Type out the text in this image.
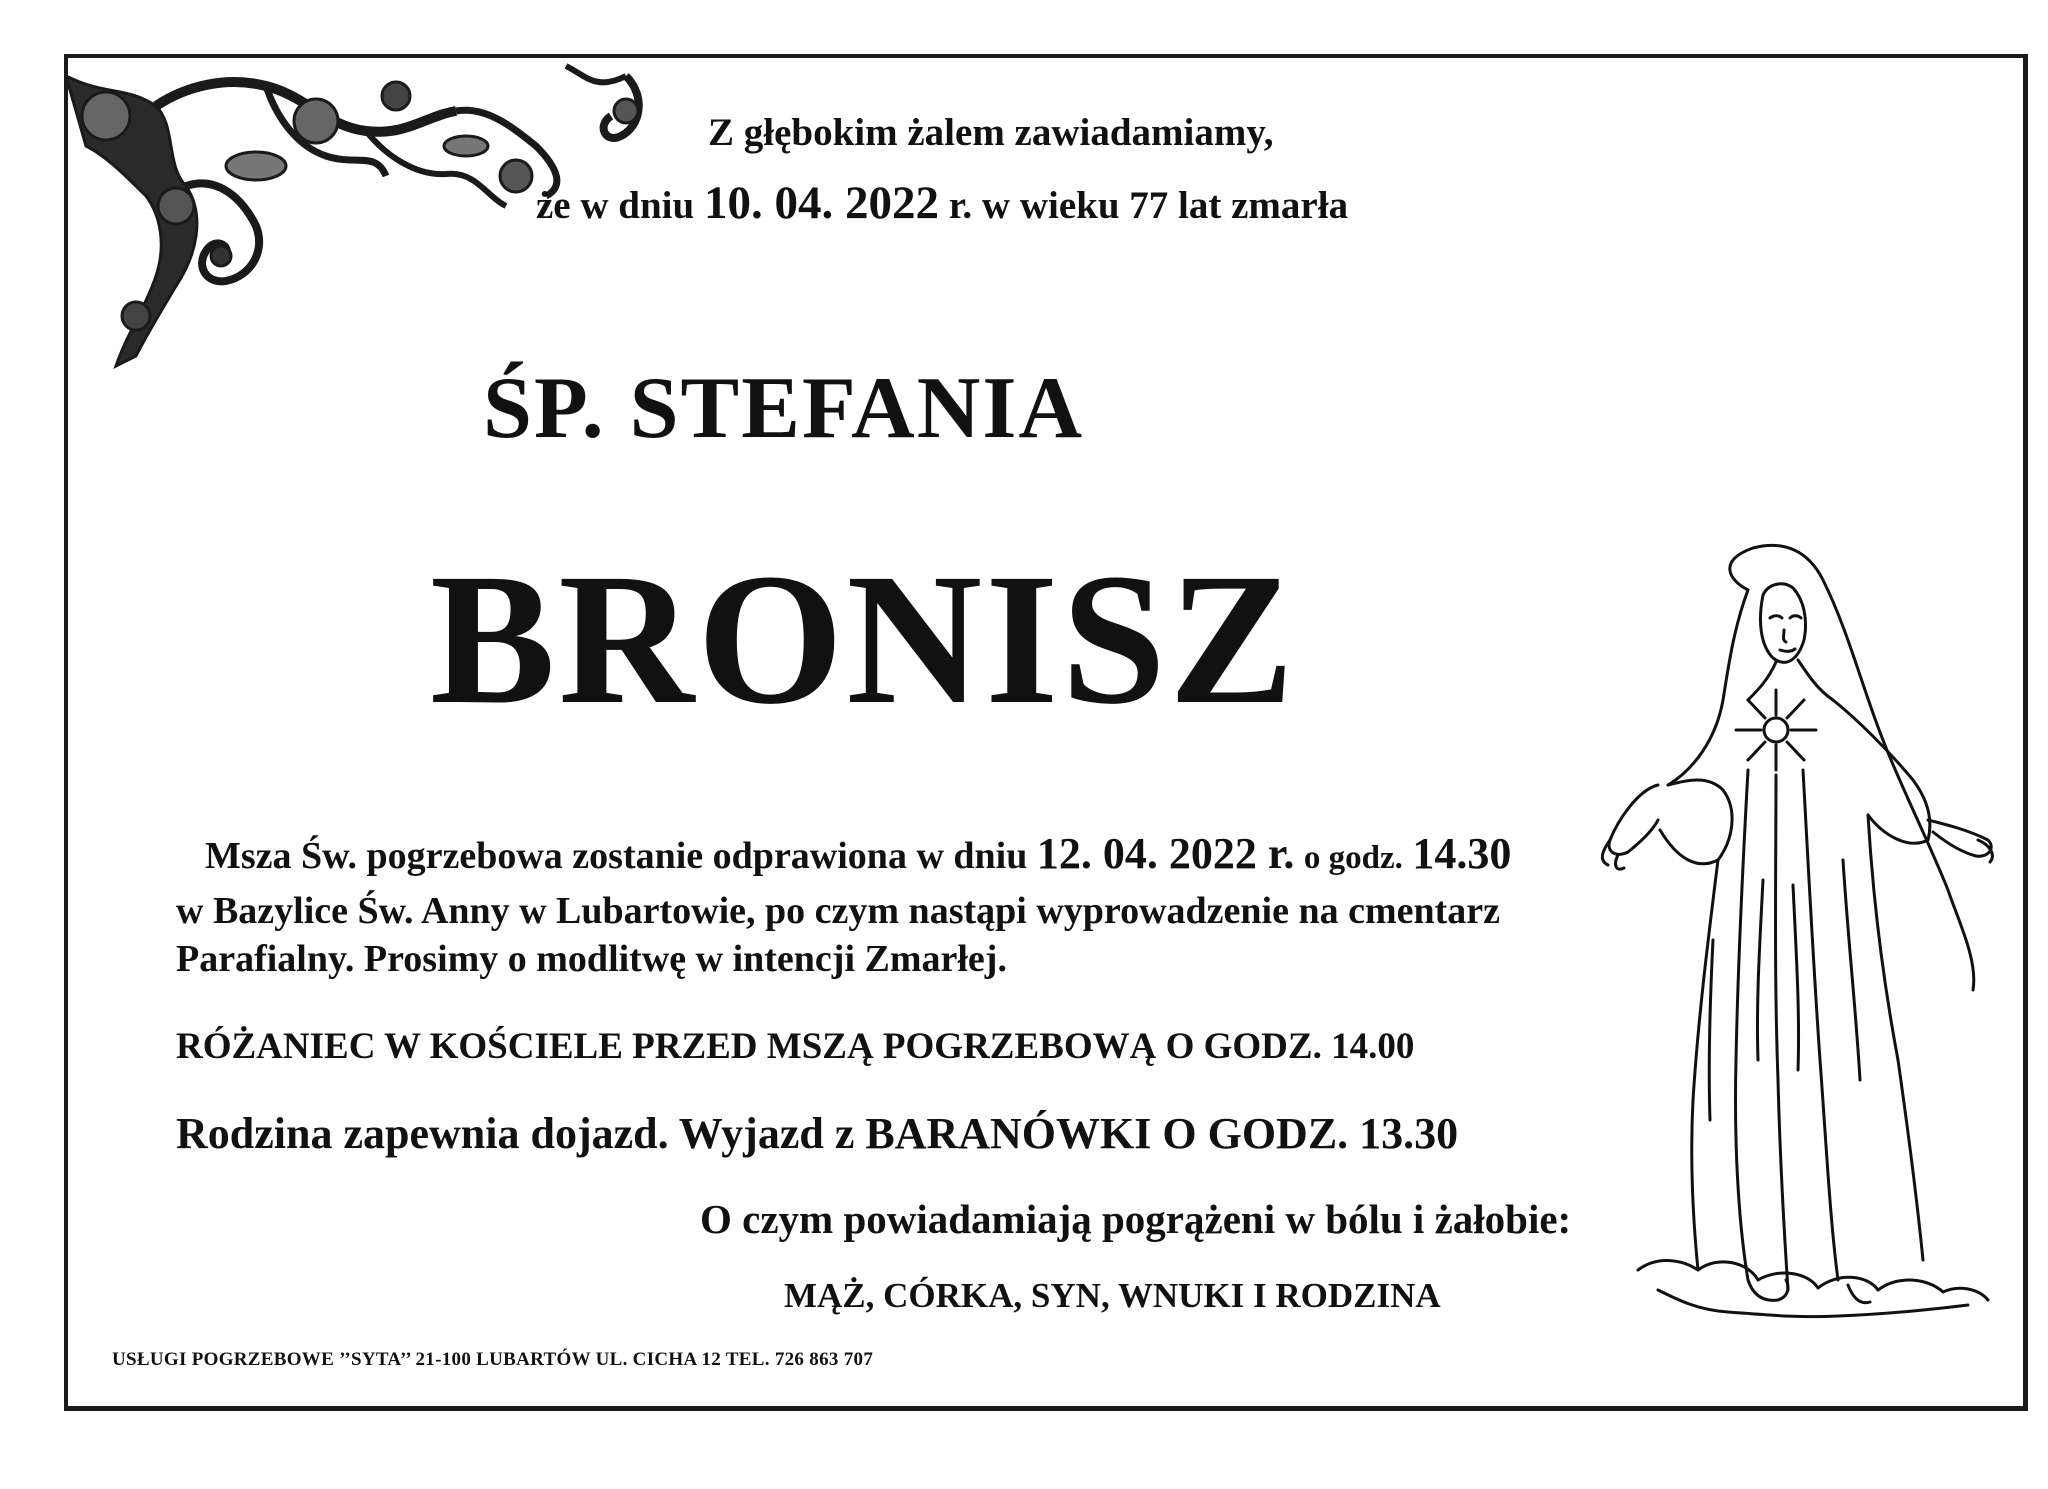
Z głębokim żalem zawiadamiamy,
że w dniu 10. 04. 2022 r. w wieku 77 lat zmarła
ŚP. STEFANIA
BRONISZ
Msza Św. pogrzebowa zostanie odprawiona w dniu 12. 04. 2022 r. o godz. 14.30
w Bazylice Św. Anny w Lubartowie, po czym nastąpi wyprowadzenie na cmentarz
Parafialny. Prosimy o modlitwę w intencji Zmarłej.
RÓŻANIEC W KOŚCIELE PRZED MSZĄ POGRZEBOWĄ O GODZ. 14.00
Rodzina zapewnia dojazd. Wyjazd z BARANÓWKI O GODZ. 13.30
O czym powiadamiają pogrążeni w bólu i żałobie:
MĄŻ, CÓRKA, SYN, WNUKI I RODZINA
USŁUGI POGRZEBOWE ’’SYTA’’ 21-100 LUBARTÓW UL. CICHA 12 TEL. 726 863 707
